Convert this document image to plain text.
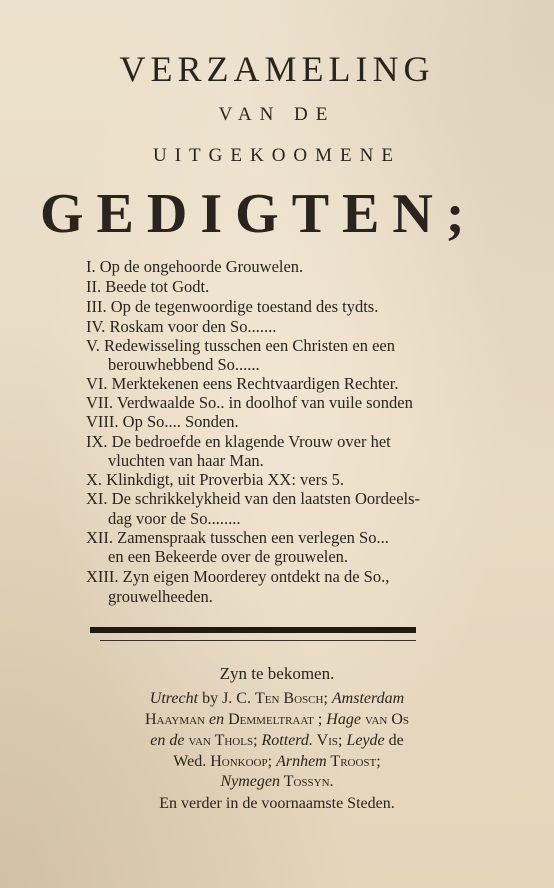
VERZAMELING
VAN DE
UITGEKOOMENE
GEDIGTEN;
I. Op de ongehoorde Grouwelen.
II. Beede tot Godt.
III. Op de tegenwoordige toestand des tydts.
IV. Roskam voor den So.......
V. Redewisseling tusschen een Christen en een
berouwhebbend So......
VI. Merktekenen eens Rechtvaardigen Rechter.
VII. Verdwaalde So.. in doolhof van vuile sonden
VIII. Op So.... Sonden.
IX. De bedroefde en klagende Vrouw over het
vluchten van haar Man.
X. Klinkdigt, uit Proverbia XX: vers 5.
XI. De schrikkelykheid van den laatsten Oordeels-
dag voor de So........
XII. Zamenspraak tusschen een verlegen So...
en een Bekeerde over de grouwelen.
XIII. Zyn eigen Moorderey ontdekt na de So.,
grouwelheeden.
Zyn te bekomen.
Utrecht by J. C. Ten Bosch; Amsterdam
Haayman en Demmeltraat ; Hage van Os
en de van Thols; Rotterd. Vis; Leyde de
Wed. Honkoop; Arnhem Troost;
Nymegen Tossyn.
En verder in de voornaamste Steden.
